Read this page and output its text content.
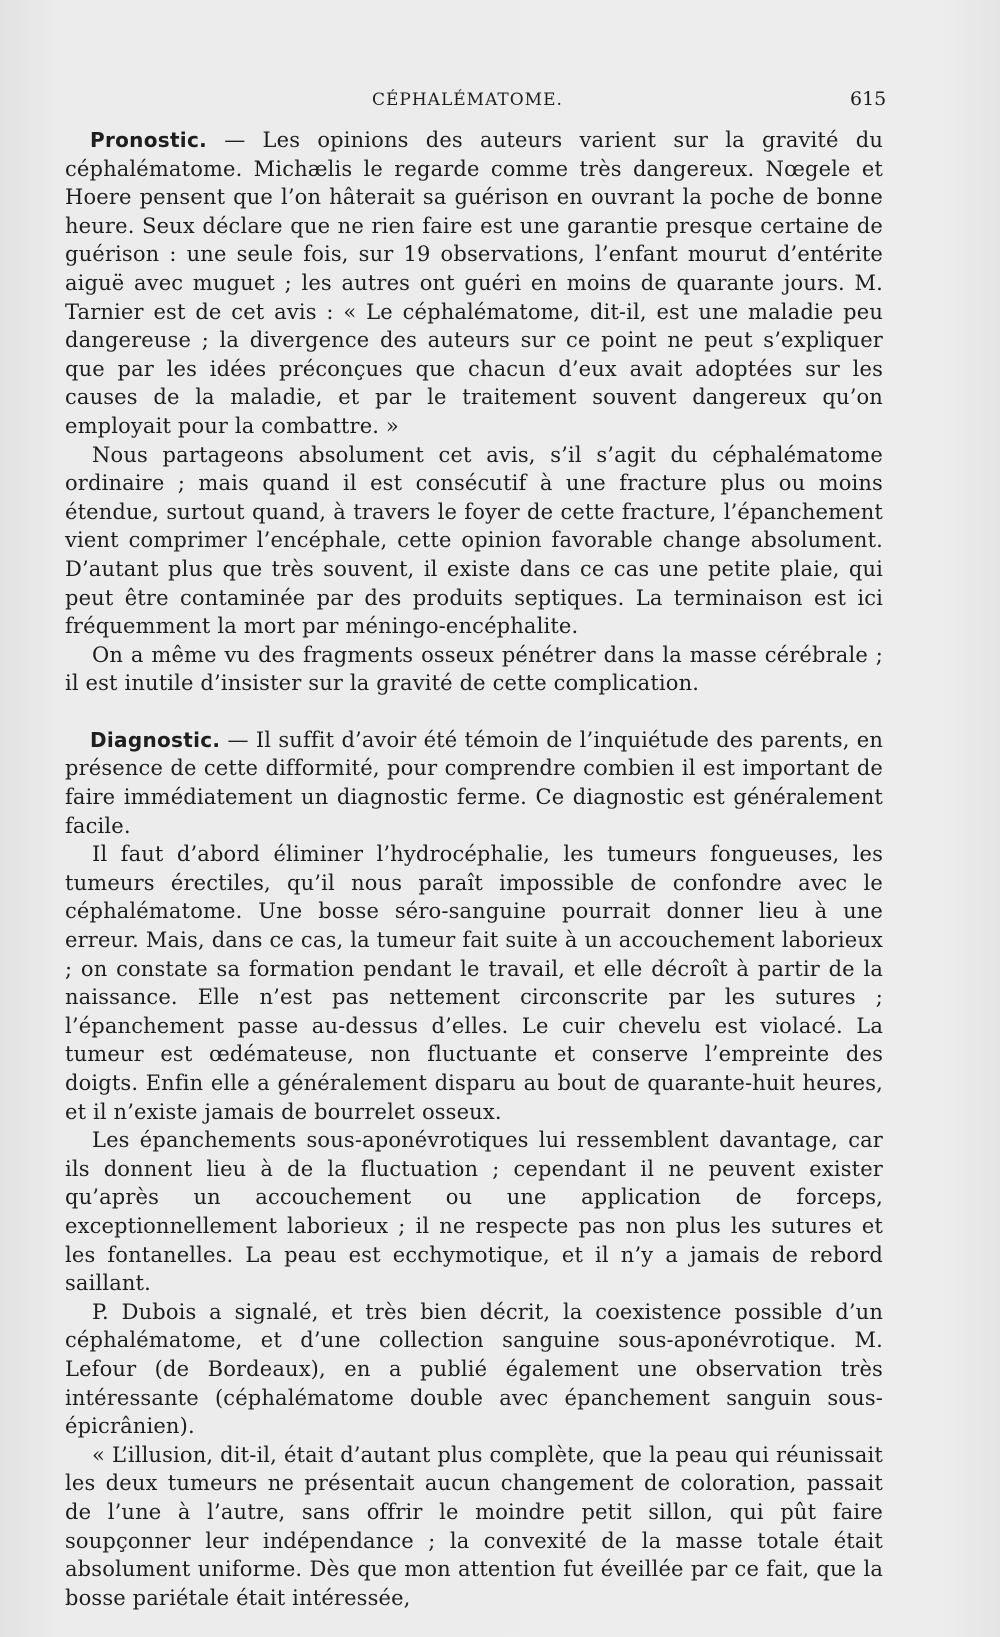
CÉPHALÉMATOME.	615

Pronostic. — Les opinions des auteurs varient sur la gravité du céphalématome. Michælis le regarde comme très dangereux. Nœgele et Hoere pensent que l’on hâterait sa guérison en ouvrant la poche de bonne heure. Seux déclare que ne rien faire est une garantie presque certaine de guérison : une seule fois, sur 19 observations, l’enfant mourut d’entérite aiguë avec muguet ; les autres ont guéri en moins de quarante jours. M. Tarnier est de cet avis : « Le céphalématome, dit-il, est une maladie peu dangereuse ; la divergence des auteurs sur ce point ne peut s’expliquer que par les idées préconçues que chacun d’eux avait adoptées sur les causes de la maladie, et par le traitement souvent dangereux qu’on employait pour la combattre. »

Nous partageons absolument cet avis, s’il s’agit du céphalématome ordinaire ; mais quand il est consécutif à une fracture plus ou moins étendue, surtout quand, à travers le foyer de cette fracture, l’épanchement vient comprimer l’encéphale, cette opinion favorable change absolument. D’autant plus que très souvent, il existe dans ce cas une petite plaie, qui peut être contaminée par des produits septiques. La terminaison est ici fréquemment la mort par méningo-encéphalite.

On a même vu des fragments osseux pénétrer dans la masse cérébrale ; il est inutile d’insister sur la gravité de cette complication.

Diagnostic. — Il suffit d’avoir été témoin de l’inquiétude des parents, en présence de cette difformité, pour comprendre combien il est important de faire immédiatement un diagnostic ferme. Ce diagnostic est généralement facile.

Il faut d’abord éliminer l’hydrocéphalie, les tumeurs fongueuses, les tumeurs érectiles, qu’il nous paraît impossible de confondre avec le céphalématome. Une bosse séro-sanguine pourrait donner lieu à une erreur. Mais, dans ce cas, la tumeur fait suite à un accouchement laborieux ; on constate sa formation pendant le travail, et elle décroît à partir de la naissance. Elle n’est pas nettement circonscrite par les sutures ; l’épanchement passe au-dessus d’elles. Le cuir chevelu est violacé. La tumeur est œdémateuse, non fluctuante et conserve l’empreinte des doigts. Enfin elle a généralement disparu au bout de quarante-huit heures, et il n’existe jamais de bourrelet osseux.

Les épanchements sous-aponévrotiques lui ressemblent davantage, car ils donnent lieu à de la fluctuation ; cependant il ne peuvent exister qu’après un accouchement ou une application de forceps, exceptionnellement laborieux ; il ne respecte pas non plus les sutures et les fontanelles. La peau est ecchymotique, et il n’y a jamais de rebord saillant.

P. Dubois a signalé, et très bien décrit, la coexistence possible d’un céphalématome, et d’une collection sanguine sous-aponévrotique. M. Lefour (de Bordeaux), en a publié également une observation très intéressante (céphalématome double avec épanchement sanguin sous-épicrânien).

« L’illusion, dit-il, était d’autant plus complète, que la peau qui réunissait les deux tumeurs ne présentait aucun changement de coloration, passait de l’une à l’autre, sans offrir le moindre petit sillon, qui pût faire soupçonner leur indépendance ; la convexité de la masse totale était absolument uniforme. Dès que mon attention fut éveillée par ce fait, que la bosse pariétale était intéressée,
